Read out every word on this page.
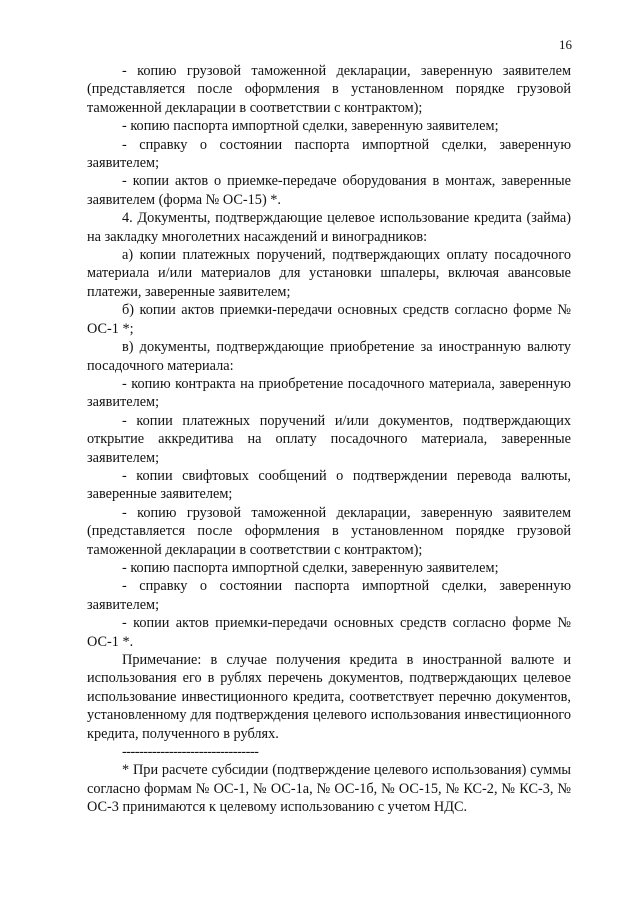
16

- копию грузовой таможенной декларации, заверенную заявителем (представляется после оформления в установленном порядке грузовой таможенной декларации в соответствии с контрактом);

- копию паспорта импортной сделки, заверенную заявителем;

- справку о состоянии паспорта импортной сделки, заверенную заявителем;

- копии актов о приемке-передаче оборудования в монтаж, заверенные заявителем (форма № ОС-15) *.

4. Документы, подтверждающие целевое использование кредита (займа) на закладку многолетних насаждений и виноградников:

а) копии платежных поручений, подтверждающих оплату посадочного материала и/или материалов для установки шпалеры, включая авансовые платежи, заверенные заявителем;

б) копии актов приемки-передачи основных средств согласно форме № ОС-1 *;

в) документы, подтверждающие приобретение за иностранную валюту посадочного материала:

- копию контракта на приобретение посадочного материала, заверенную заявителем;

- копии платежных поручений и/или документов, подтверждающих открытие аккредитива на оплату посадочного материала, заверенные заявителем;

- копии свифтовых сообщений о подтверждении перевода валюты, заверенные заявителем;

- копию грузовой таможенной декларации, заверенную заявителем (представляется после оформления в установленном порядке грузовой таможенной декларации в соответствии с контрактом);

- копию паспорта импортной сделки, заверенную заявителем;

- справку о состоянии паспорта импортной сделки, заверенную заявителем;

- копии актов приемки-передачи основных средств согласно форме № ОС-1 *.

Примечание: в случае получения кредита в иностранной валюте и использования его в рублях перечень документов, подтверждающих целевое использование инвестиционного кредита, соответствует перечню документов, установленному для подтверждения целевого использования инвестиционного кредита, полученного в рублях.

--------------------------------

* При расчете субсидии (подтверждение целевого использования) суммы согласно формам № ОС-1, № ОС-1а, № ОС-1б, № ОС-15, № КС-2, № КС-3, № ОС-3 принимаются к целевому использованию с учетом НДС.
